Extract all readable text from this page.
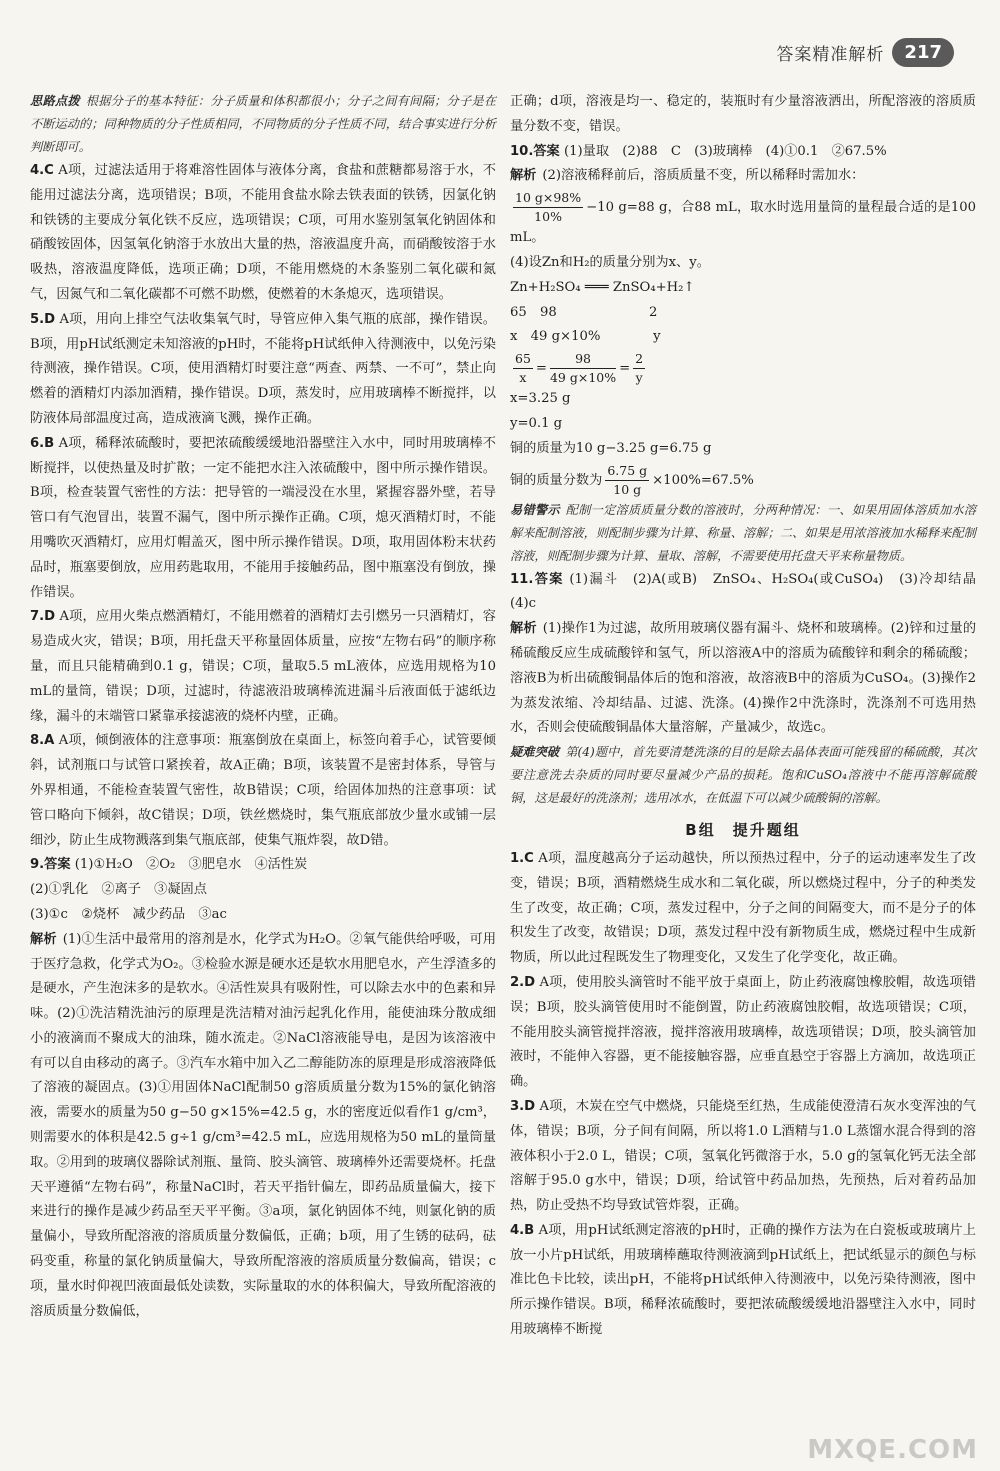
答案精准解析	217

思路点拨 根据分子的基本特征：分子质量和体积都很小；分子之间有间隔；分子是在不断运动的；同种物质的分子性质相同，不同物质的分子性质不同，结合事实进行分析判断即可。

4.C A项，过滤法适用于将难溶性固体与液体分离，食盐和蔗糖都易溶于水，不能用过滤法分离，选项错误；B项，不能用食盐水除去铁表面的铁锈，因氯化钠和铁锈的主要成分氧化铁不反应，选项错误；C项，可用水鉴别氢氧化钠固体和硝酸铵固体，因氢氧化钠溶于水放出大量的热，溶液温度升高，而硝酸铵溶于水吸热，溶液温度降低，选项正确；D项，不能用燃烧的木条鉴别二氧化碳和氮气，因氮气和二氧化碳都不可燃不助燃，使燃着的木条熄灭，选项错误。

5.D A项，用向上排空气法收集氧气时，导管应伸入集气瓶的底部，操作错误。B项，用pH试纸测定未知溶液的pH时，不能将pH试纸伸入待测液中，以免污染待测液，操作错误。C项，使用酒精灯时要注意“两查、两禁、一不可”，禁止向燃着的酒精灯内添加酒精，操作错误。D项，蒸发时，应用玻璃棒不断搅拌，以防液体局部温度过高，造成液滴飞溅，操作正确。

6.B A项，稀释浓硫酸时，要把浓硫酸缓缓地沿器壁注入水中，同时用玻璃棒不断搅拌，以使热量及时扩散；一定不能把水注入浓硫酸中，图中所示操作错误。B项，检查装置气密性的方法：把导管的一端浸没在水里，紧握容器外壁，若导管口有气泡冒出，装置不漏气，图中所示操作正确。C项，熄灭酒精灯时，不能用嘴吹灭酒精灯，应用灯帽盖灭，图中所示操作错误。D项，取用固体粉末状药品时，瓶塞要倒放，应用药匙取用，不能用手接触药品，图中瓶塞没有倒放，操作错误。

7.D A项，应用火柴点燃酒精灯，不能用燃着的酒精灯去引燃另一只酒精灯，容易造成火灾，错误；B项，用托盘天平称量固体质量，应按“左物右码”的顺序称量，而且只能精确到0.1 g，错误；C项，量取5.5 mL液体，应选用规格为10 mL的量筒，错误；D项，过滤时，待滤液沿玻璃棒流进漏斗后液面低于滤纸边缘，漏斗的末端管口紧靠承接滤液的烧杯内壁，正确。

8.A A项，倾倒液体的注意事项：瓶塞倒放在桌面上，标签向着手心，试管要倾斜，试剂瓶口与试管口紧挨着，故A正确；B项，该装置不是密封体系，导管与外界相通，不能检查装置气密性，故B错误；C项，给固体加热的注意事项：试管口略向下倾斜，故C错误；D项，铁丝燃烧时，集气瓶底部放少量水或铺一层细沙，防止生成物溅落到集气瓶底部，使集气瓶炸裂，故D错。

9.答案 (1)①H₂O　②O₂　③肥皂水　④活性炭

(2)①乳化　②离子　③凝固点

(3)①c　②烧杯　减少药品　③ac

解析 (1)①生活中最常用的溶剂是水，化学式为H₂O。②氧气能供给呼吸，可用于医疗急救，化学式为O₂。③检验水源是硬水还是软水用肥皂水，产生浮渣多的是硬水，产生泡沫多的是软水。④活性炭具有吸附性，可以除去水中的色素和异味。(2)①洗洁精洗油污的原理是洗洁精对油污起乳化作用，能使油珠分散成细小的液滴而不聚成大的油珠，随水流走。②NaCl溶液能导电，是因为该溶液中有可以自由移动的离子。③汽车水箱中加入乙二醇能防冻的原理是形成溶液降低了溶液的凝固点。(3)①用固体NaCl配制50 g溶质质量分数为15%的氯化钠溶液，需要水的质量为50 g−50 g×15%=42.5 g，水的密度近似看作1 g/cm³，则需要水的体积是42.5 g÷1 g/cm³=42.5 mL，应选用规格为50 mL的量筒量取。②用到的玻璃仪器除试剂瓶、量筒、胶头滴管、玻璃棒外还需要烧杯。托盘天平遵循“左物右码”，称量NaCl时，若天平指针偏左，即药品质量偏大，接下来进行的操作是减少药品至天平平衡。③a项，氯化钠固体不纯，则氯化钠的质量偏小，导致所配溶液的溶质质量分数偏低，正确；b项，用了生锈的砝码，砝码变重，称量的氯化钠质量偏大，导致所配溶液的溶质质量分数偏高，错误；c项，量水时仰视凹液面最低处读数，实际量取的水的体积偏大，导致所配溶液的溶质质量分数偏低，

正确；d项，溶液是均一、稳定的，装瓶时有少量溶液洒出，所配溶液的溶质质量分数不变，错误。

10.答案 (1)量取　(2)88　C　(3)玻璃棒　(4)①0.1　②67.5%

解析 (2)溶液稀释前后，溶质质量不变，所以稀释时需加水：

$\frac{10 g\times 98\%}{10\%} -10$ g=88 g，合88 mL，取水时选用量筒的量程最合适的是100 mL。

(4)设Zn和H₂的质量分别为x、y。

Zn+H₂SO₄ ═══ ZnSO₄+H₂↑

65　98　　　　　　　2

x　49 g×10%　　　　y

$\frac{65}{x} = \frac{98}{49 g\times 10\%} = \frac{2}{y}$

x=3.25 g

y=0.1 g

铜的质量为10 g−3.25 g=6.75 g

铜的质量分数为 $\frac{6.75 g}{10 g} \times 100\%=67.5\%$

易错警示 配制一定溶质质量分数的溶液时，分两种情况：一、如果用固体溶质加水溶解来配制溶液，则配制步骤为计算、称量、溶解；二、如果是用浓溶液加水稀释来配制溶液，则配制步骤为计算、量取、溶解，不需要使用托盘天平来称量物质。

11.答案 (1)漏斗　(2)A(或B)　ZnSO₄、H₂SO₄(或CuSO₄)　(3)冷却结晶　(4)c

解析 (1)操作1为过滤，故所用玻璃仪器有漏斗、烧杯和玻璃棒。(2)锌和过量的稀硫酸反应生成硫酸锌和氢气，所以溶液A中的溶质为硫酸锌和剩余的稀硫酸；溶液B为析出硫酸铜晶体后的饱和溶液，故溶液B中的溶质为CuSO₄。(3)操作2为蒸发浓缩、冷却结晶、过滤、洗涤。(4)操作2中洗涤时，洗涤剂不可选用热水，否则会使硫酸铜晶体大量溶解，产量减少，故选c。

疑难突破 第(4)题中，首先要清楚洗涤的目的是除去晶体表面可能残留的稀硫酸，其次要注意洗去杂质的同时要尽量减少产品的损耗。饱和CuSO₄溶液中不能再溶解硫酸铜，这是最好的洗涤剂；选用冰水，在低温下可以减少硫酸铜的溶解。

B组　提升题组

1.C A项，温度越高分子运动越快，所以预热过程中，分子的运动速率发生了改变，错误；B项，酒精燃烧生成水和二氧化碳，所以燃烧过程中，分子的种类发生了改变，故正确；C项，蒸发过程中，分子之间的间隔变大，而不是分子的体积发生了改变，故错误；D项，蒸发过程中没有新物质生成，燃烧过程中生成新物质，所以此过程既发生了物理变化，又发生了化学变化，故正确。

2.D A项，使用胶头滴管时不能平放于桌面上，防止药液腐蚀橡胶帽，故选项错误；B项，胶头滴管使用时不能倒置，防止药液腐蚀胶帽，故选项错误；C项，不能用胶头滴管搅拌溶液，搅拌溶液用玻璃棒，故选项错误；D项，胶头滴管加液时，不能伸入容器，更不能接触容器，应垂直悬空于容器上方滴加，故选项正确。

3.D A项，木炭在空气中燃烧，只能烧至红热，生成能使澄清石灰水变浑浊的气体，错误；B项，分子间有间隔，所以将1.0 L酒精与1.0 L蒸馏水混合得到的溶液体积小于2.0 L，错误；C项，氢氧化钙微溶于水，5.0 g的氢氧化钙无法全部溶解于95.0 g水中，错误；D项，给试管中药品加热，先预热，后对着药品加热，防止受热不均导致试管炸裂，正确。

4.B A项，用pH试纸测定溶液的pH时，正确的操作方法为在白瓷板或玻璃片上放一小片pH试纸，用玻璃棒蘸取待测液滴到pH试纸上，把试纸显示的颜色与标准比色卡比较，读出pH，不能将pH试纸伸入待测液中，以免污染待测液，图中所示操作错误。B项，稀释浓硫酸时，要把浓硫酸缓缓地沿器壁注入水中，同时用玻璃棒不断搅

MXQE.COM
